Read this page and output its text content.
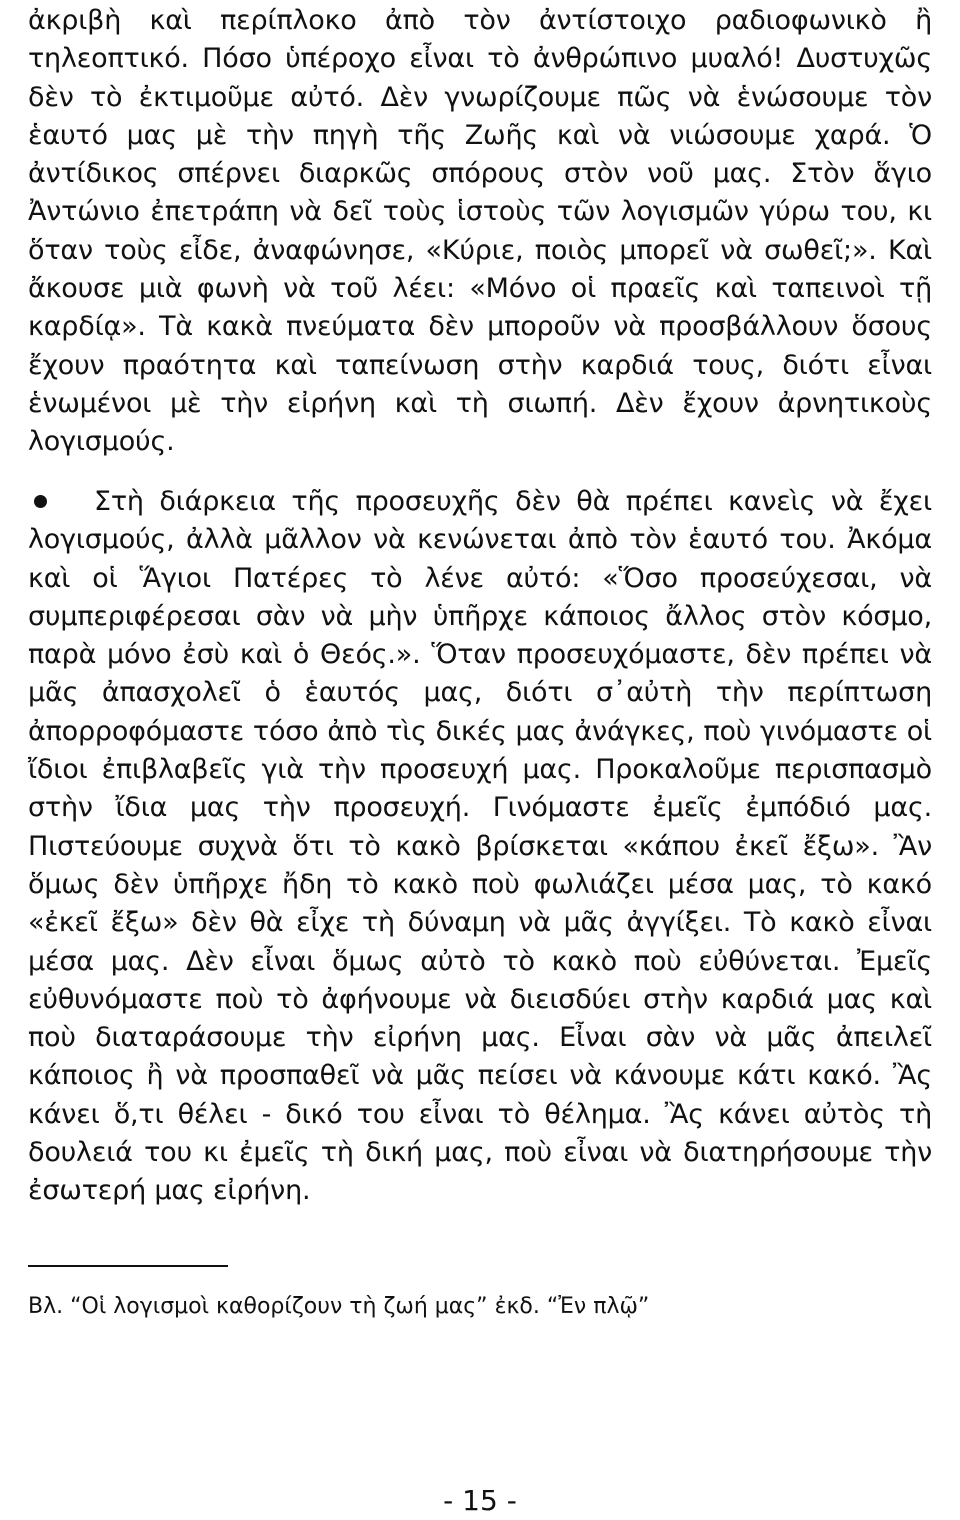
ἀκριβὴ καὶ περίπλοκο ἀπὸ τὸν ἀντίστοιχο ραδιοφωνικὸ ἢ τηλεοπτικό. Πόσο ὑπέροχο εἶναι τὸ ἀνθρώπινο μυαλό! Δυστυχῶς δὲν τὸ ἐκτιμοῦμε αὐτό. Δὲν γνωρίζουμε πῶς νὰ ἑνώσουμε τὸν ἑαυτό μας μὲ τὴν πηγὴ τῆς Ζωῆς καὶ νὰ νιώσουμε χαρά. Ὁ ἀντίδικος σπέρνει διαρκῶς σπόρους στὸν νοῦ μας. Στὸν ἅγιο Ἀντώνιο ἐπετράπη νὰ δεῖ τοὺς ἱστοὺς τῶν λογισμῶν γύρω του, κι ὅταν τοὺς εἶδε, ἀναφώνησε, «Κύριε, ποιὸς μπορεῖ νὰ σωθεῖ;». Καὶ ἄκουσε μιὰ φωνὴ νὰ τοῦ λέει: «Μόνο οἱ πραεῖς καὶ ταπεινοὶ τῇ καρδίᾳ». Τὰ κακὰ πνεύματα δὲν μποροῦν νὰ προσβάλλουν ὅσους ἔχουν πραότητα καὶ ταπείνωση στὴν καρδιά τους, διότι εἶναι ἑνωμένοι μὲ τὴν εἰρήνη καὶ τὴ σιωπή. Δὲν ἔχουν ἀρνητικοὺς λογισμούς.

Στὴ διάρκεια τῆς προσευχῆς δὲν θὰ πρέπει κανεὶς νὰ ἔχει λογισμούς, ἀλλὰ μᾶλλον νὰ κενώνεται ἀπὸ τὸν ἑαυτό του. Ἀκόμα καὶ οἱ Ἅγιοι Πατέρες τὸ λένε αὐτό: «Ὅσο προσεύχεσαι, νὰ συμπεριφέρεσαι σὰν νὰ μὴν ὑπῆρχε κάποιος ἄλλος στὸν κόσμο, παρὰ μόνο ἐσὺ καὶ ὁ Θεός.». Ὅταν προσευχόμαστε, δὲν πρέπει νὰ μᾶς ἀπασχολεῖ ὁ ἑαυτός μας, διότι σ᾽αὐτὴ τὴν περίπτωση ἀπορροφόμαστε τόσο ἀπὸ τὶς δικές μας ἀνάγκες, ποὺ γινόμαστε οἱ ἴδιοι ἐπιβλαβεῖς γιὰ τὴν προσευχή μας. Προκαλοῦμε περισπασμὸ στὴν ἴδια μας τὴν προσευχή. Γινόμαστε ἐμεῖς ἐμπόδιό μας. Πιστεύουμε συχνὰ ὅτι τὸ κακὸ βρίσκεται «κάπου ἐκεῖ ἔξω». Ἂν ὅμως δὲν ὑπῆρχε ἤδη τὸ κακὸ ποὺ φωλιάζει μέσα μας, τὸ κακό «ἐκεῖ ἔξω» δὲν θὰ εἶχε τὴ δύναμη νὰ μᾶς ἀγγίξει. Τὸ κακὸ εἶναι μέσα μας. Δὲν εἶναι ὅμως αὐτὸ τὸ κακὸ ποὺ εὐθύνεται. Ἐμεῖς εὐθυνόμαστε ποὺ τὸ ἀφήνουμε νὰ διεισδύει στὴν καρδιά μας καὶ ποὺ διαταράσουμε τὴν εἰρήνη μας. Εἶναι σὰν νὰ μᾶς ἀπειλεῖ κάποιος ἢ νὰ προσπαθεῖ νὰ μᾶς πείσει νὰ κάνουμε κάτι κακό. Ἂς κάνει ὅ,τι θέλει - δικό του εἶναι τὸ θέλημα. Ἂς κάνει αὐτὸς τὴ δουλειά του κι ἐμεῖς τὴ δική μας, ποὺ εἶναι νὰ διατηρήσουμε τὴν ἐσωτερή μας εἰρήνη.

Βλ. “Οἱ λογισμοὶ καθορίζουν τὴ ζωή μας” ἐκδ. “Ἐν πλῷ”

- 15 -
